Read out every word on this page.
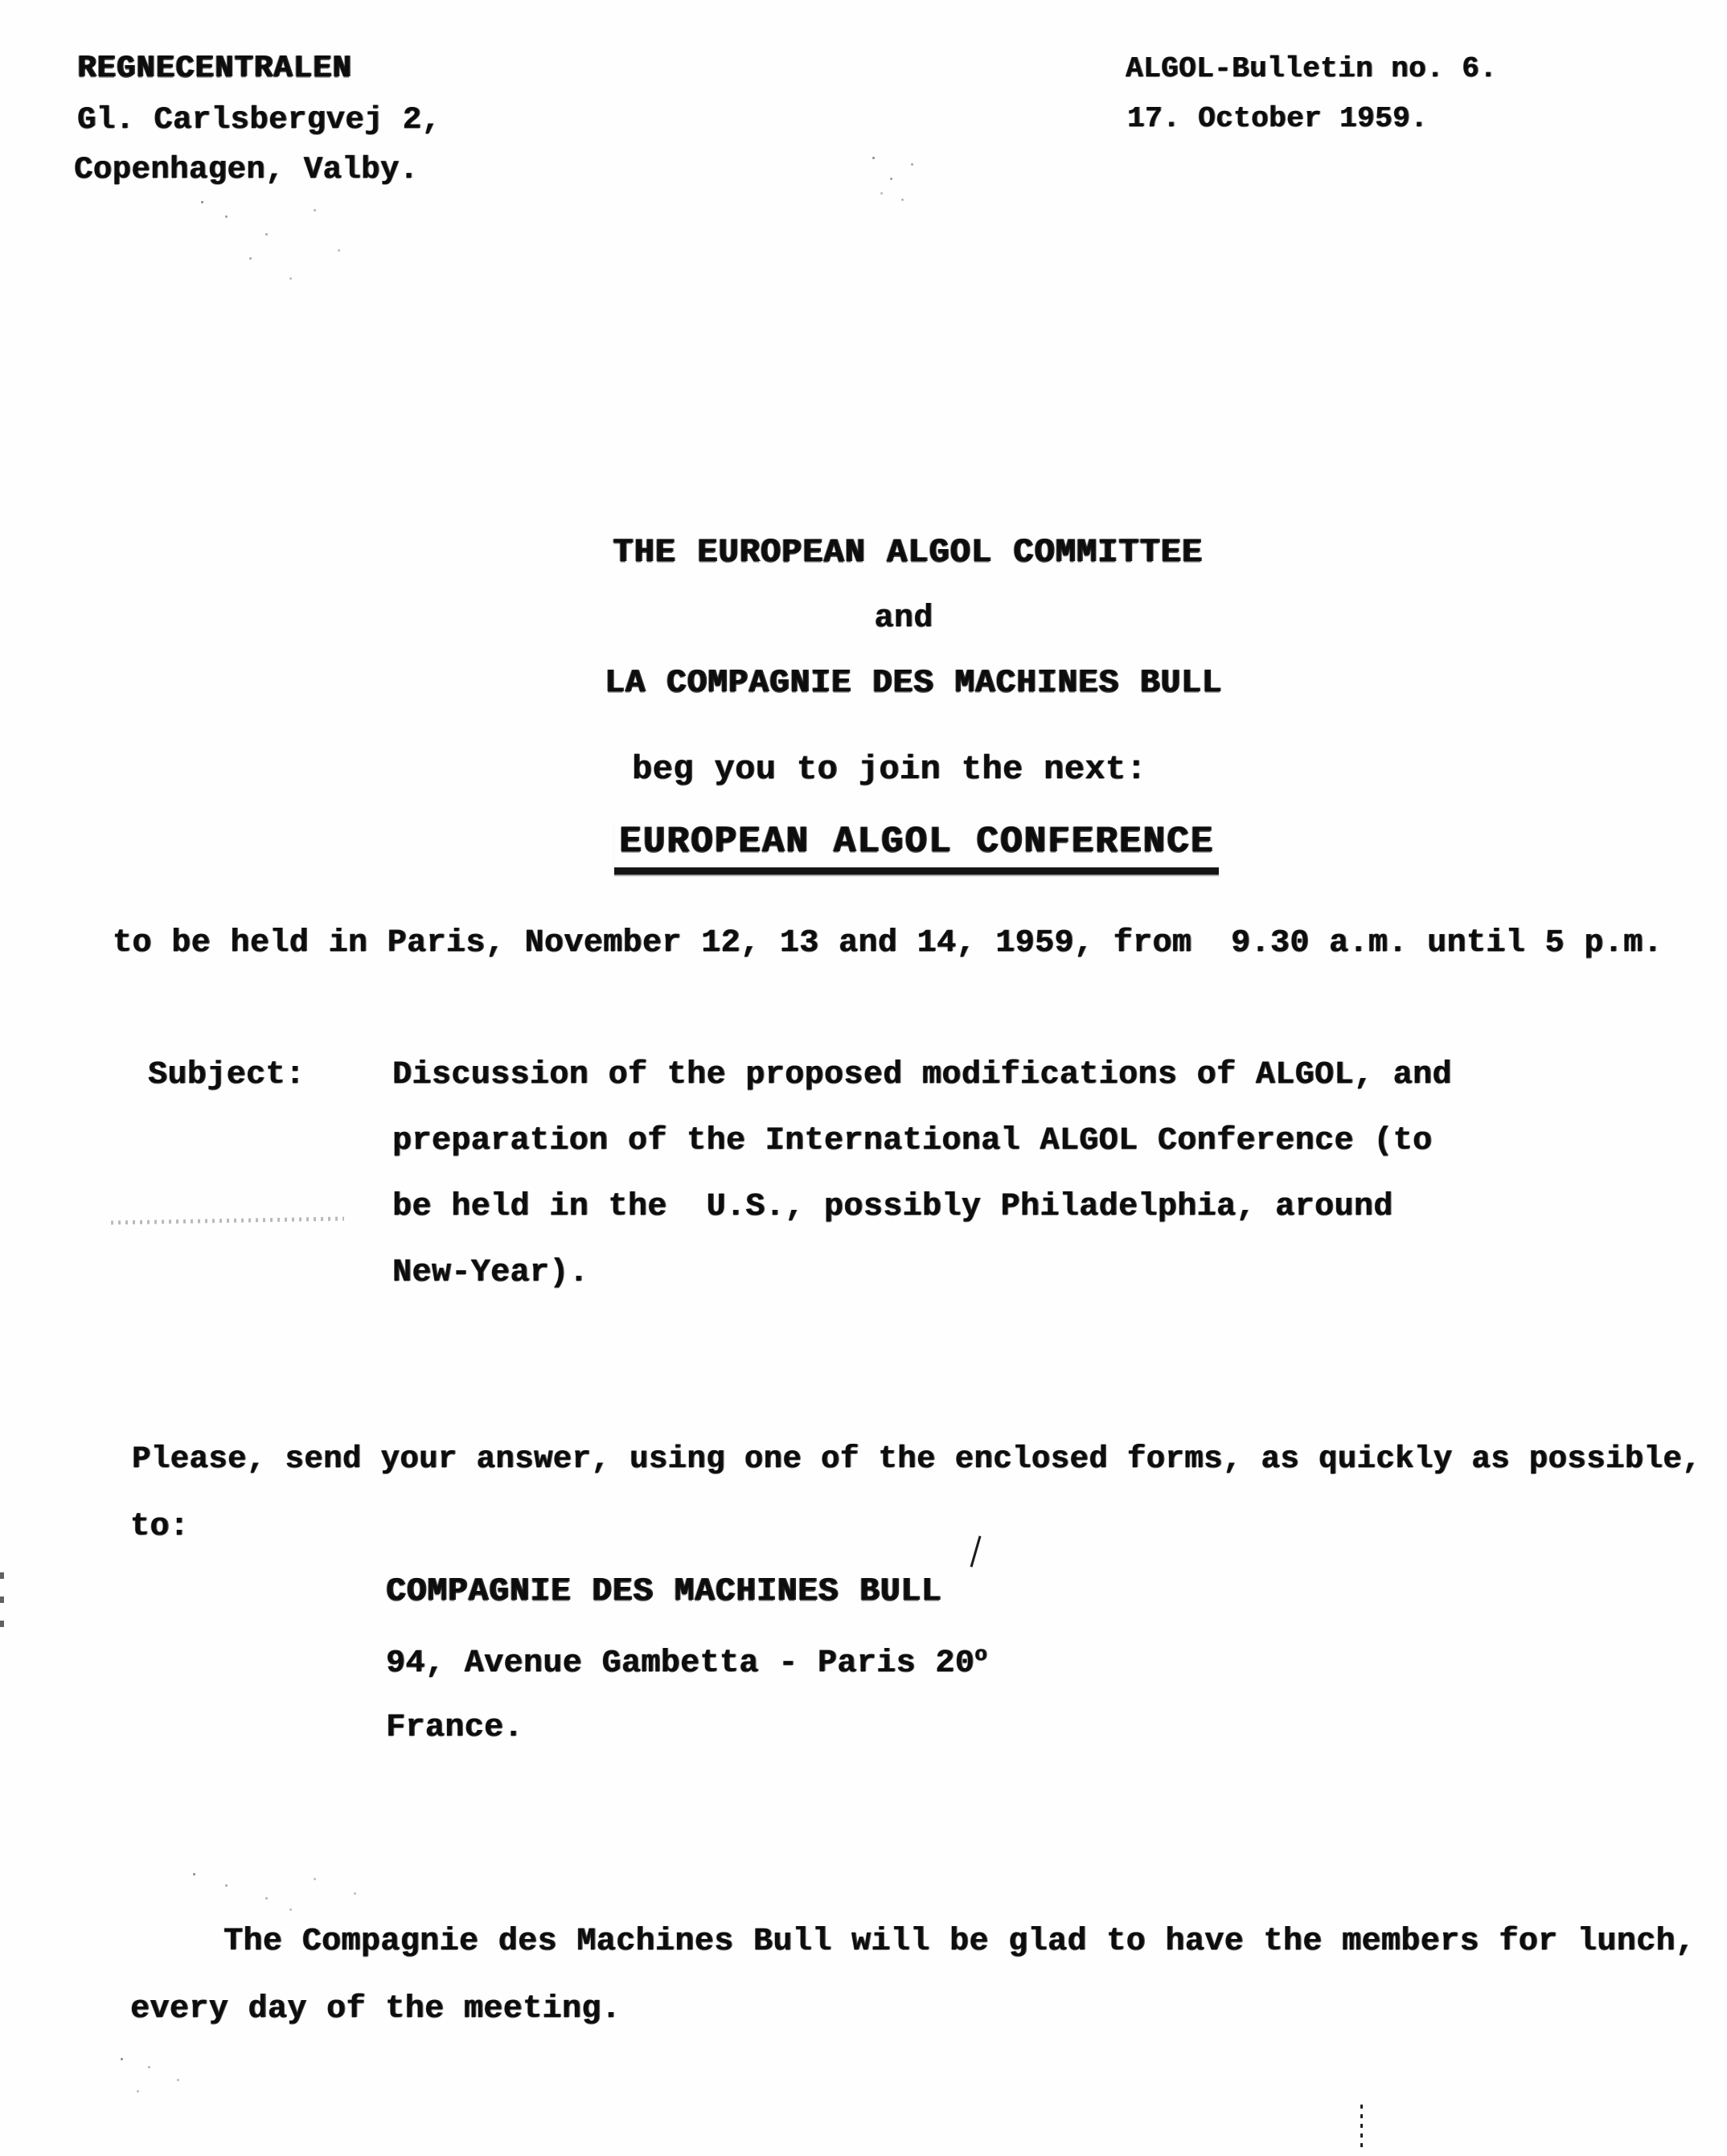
REGNECENTRALEN
Gl. Carlsbergvej 2,
Copenhagen, Valby.
ALGOL-Bulletin no. 6.
17. October 1959.
THE EUROPEAN ALGOL COMMITTEE
and
LA COMPAGNIE DES MACHINES BULL
beg you to join the next:
EUROPEAN ALGOL CONFERENCE
to be held in Paris, November 12, 13 and 14, 1959, from  9.30 a.m. until 5 p.m.
Subject:	Discussion of the proposed modifications of ALGOL, and
preparation of the International ALGOL Conference (to
be held in the  U.S., possibly Philadelphia, around
New-Year).
Please, send your answer, using one of the enclosed forms, as quickly as possible,
to:
COMPAGNIE DES MACHINES BULL
94, Avenue Gambetta - Paris 20$^o$
France.
The Compagnie des Machines Bull will be glad to have the members for lunch,
every day of the meeting.
